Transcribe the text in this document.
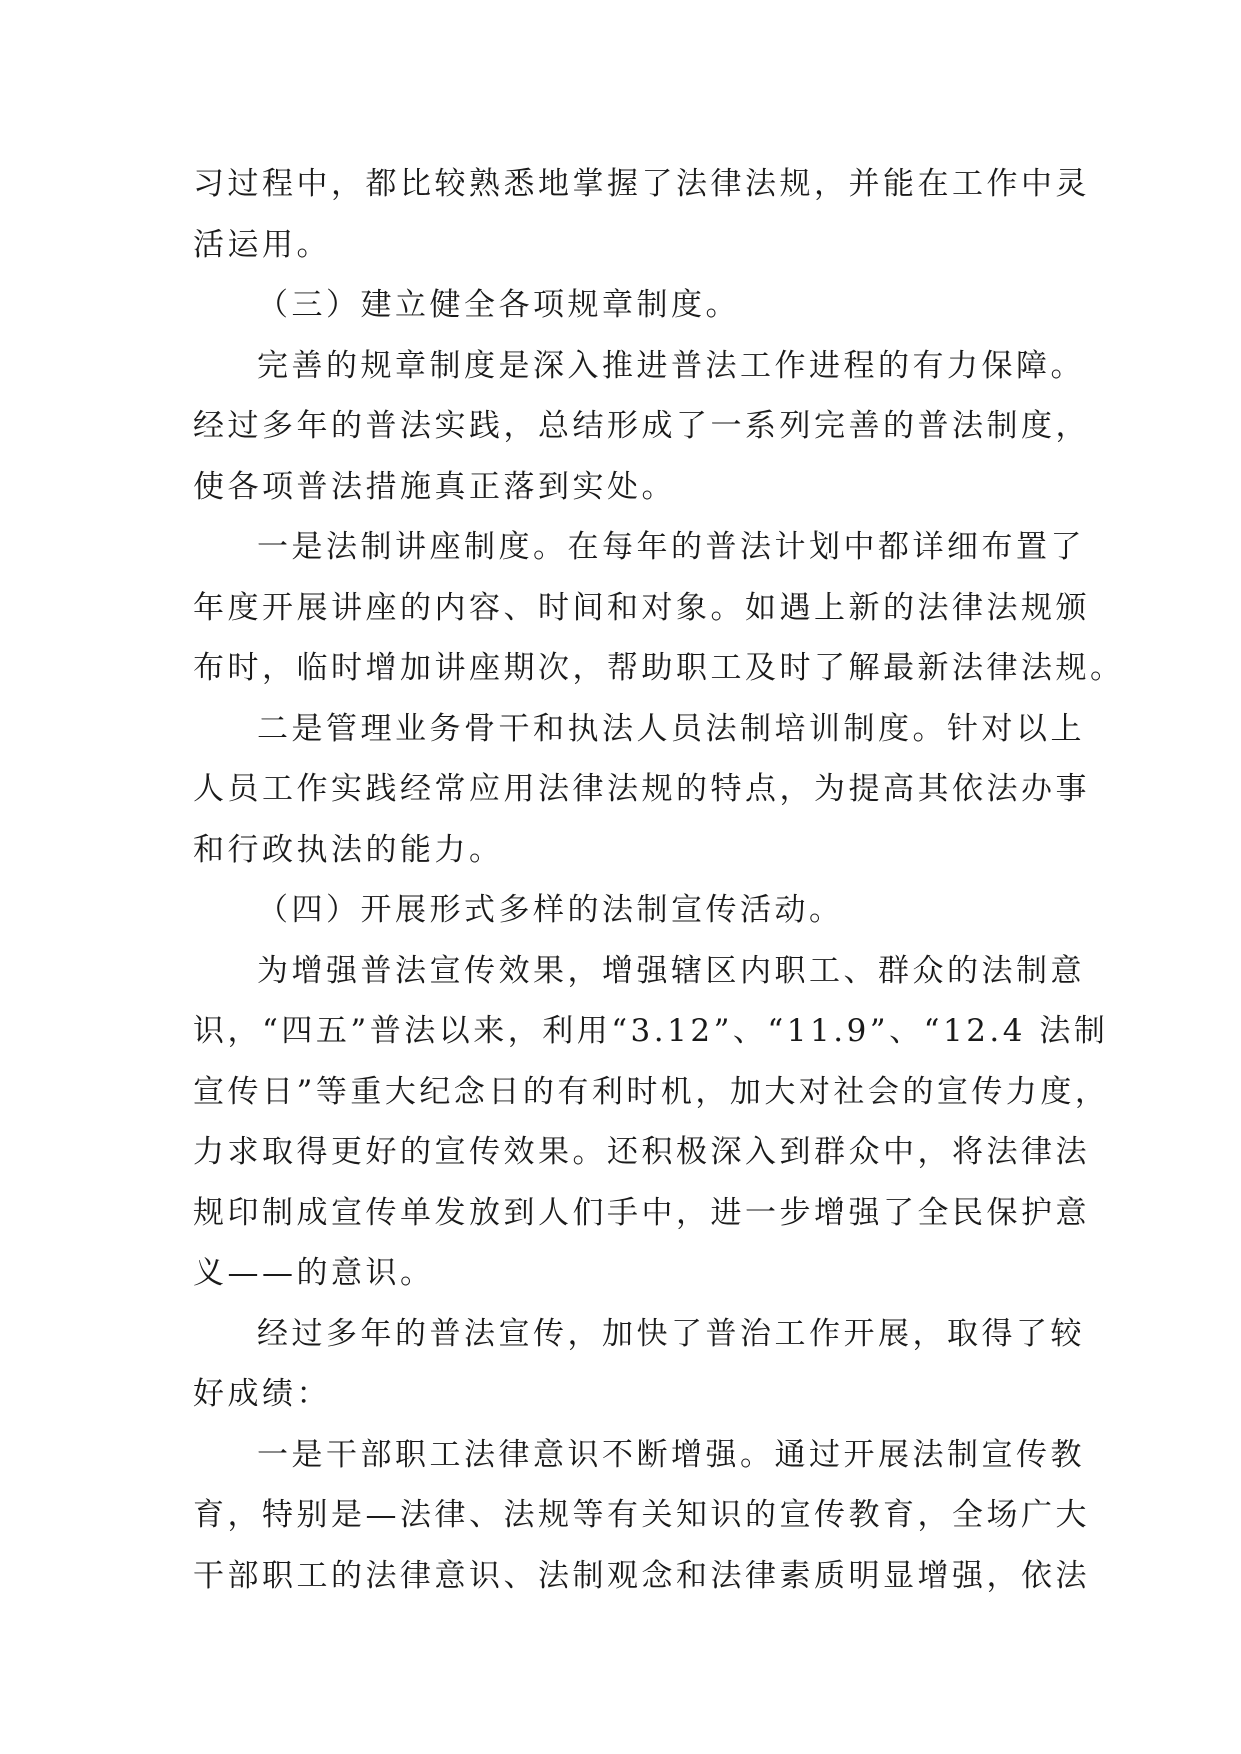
习过程中，都比较熟悉地掌握了法律法规，并能在工作中灵
活运用。
（三）建立健全各项规章制度。
完善的规章制度是深入推进普法工作进程的有力保障。
经过多年的普法实践，总结形成了一系列完善的普法制度，
使各项普法措施真正落到实处。
一是法制讲座制度。在每年的普法计划中都详细布置了
年度开展讲座的内容、时间和对象。如遇上新的法律法规颁
布时，临时增加讲座期次，帮助职工及时了解最新法律法规。
二是管理业务骨干和执法人员法制培训制度。针对以上
人员工作实践经常应用法律法规的特点，为提高其依法办事
和行政执法的能力。
（四）开展形式多样的法制宣传活动。
为增强普法宣传效果，增强辖区内职工、群众的法制意
识，“四五”普法以来，利用“3.12”、“11.9”、“12.4 法制
宣传日”等重大纪念日的有利时机，加大对社会的宣传力度，
力求取得更好的宣传效果。还积极深入到群众中，将法律法
规印制成宣传单发放到人们手中，进一步增强了全民保护意
义——的意识。
经过多年的普法宣传，加快了普治工作开展，取得了较
好成绩：
一是干部职工法律意识不断增强。通过开展法制宣传教
育，特别是—法律、法规等有关知识的宣传教育，全场广大
干部职工的法律意识、法制观念和法律素质明显增强，依法
